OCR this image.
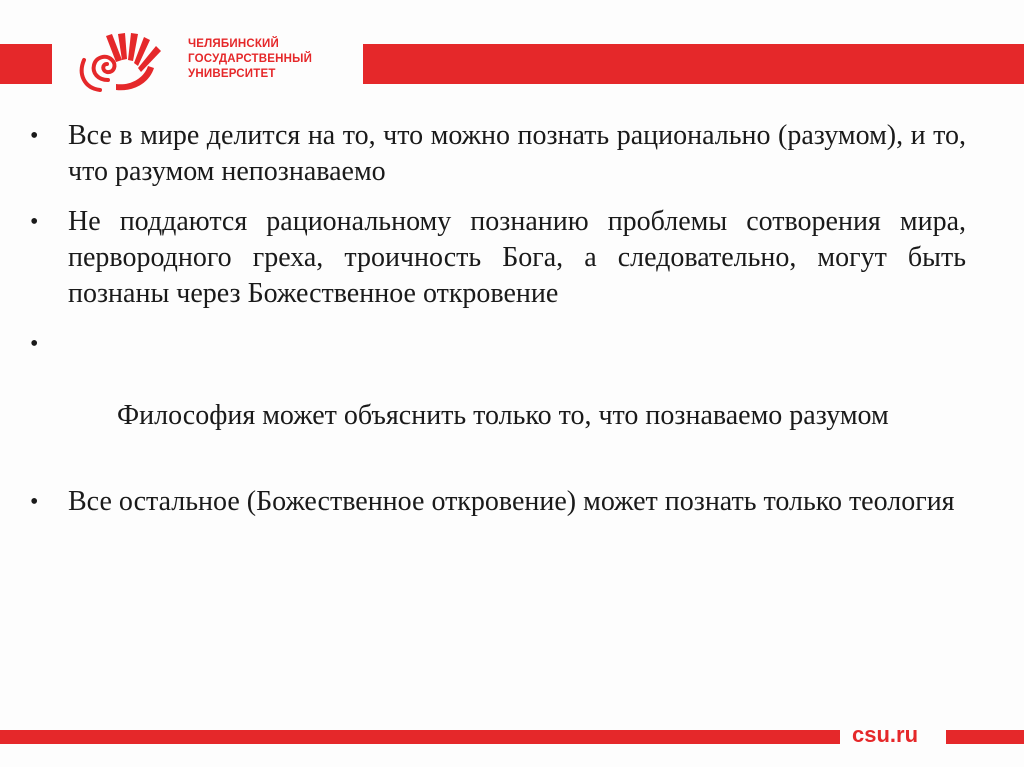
ЧЕЛЯБИНСКИЙ
ГОСУДАРСТВЕННЫЙ
УНИВЕРСИТЕТ
• Все в мире делится на то, что можно познать рационально (разумом), и то, что разумом непознаваемо
• Не поддаются рациональному познанию проблемы сотворения мира, первородного греха, троичность Бога, а следовательно, могут быть познаны через Божественное откровение

•

Философия может объяснить только то, что познаваемо разумом

• Все остальное (Божественное откровение) может познать только теология
csu.ru
